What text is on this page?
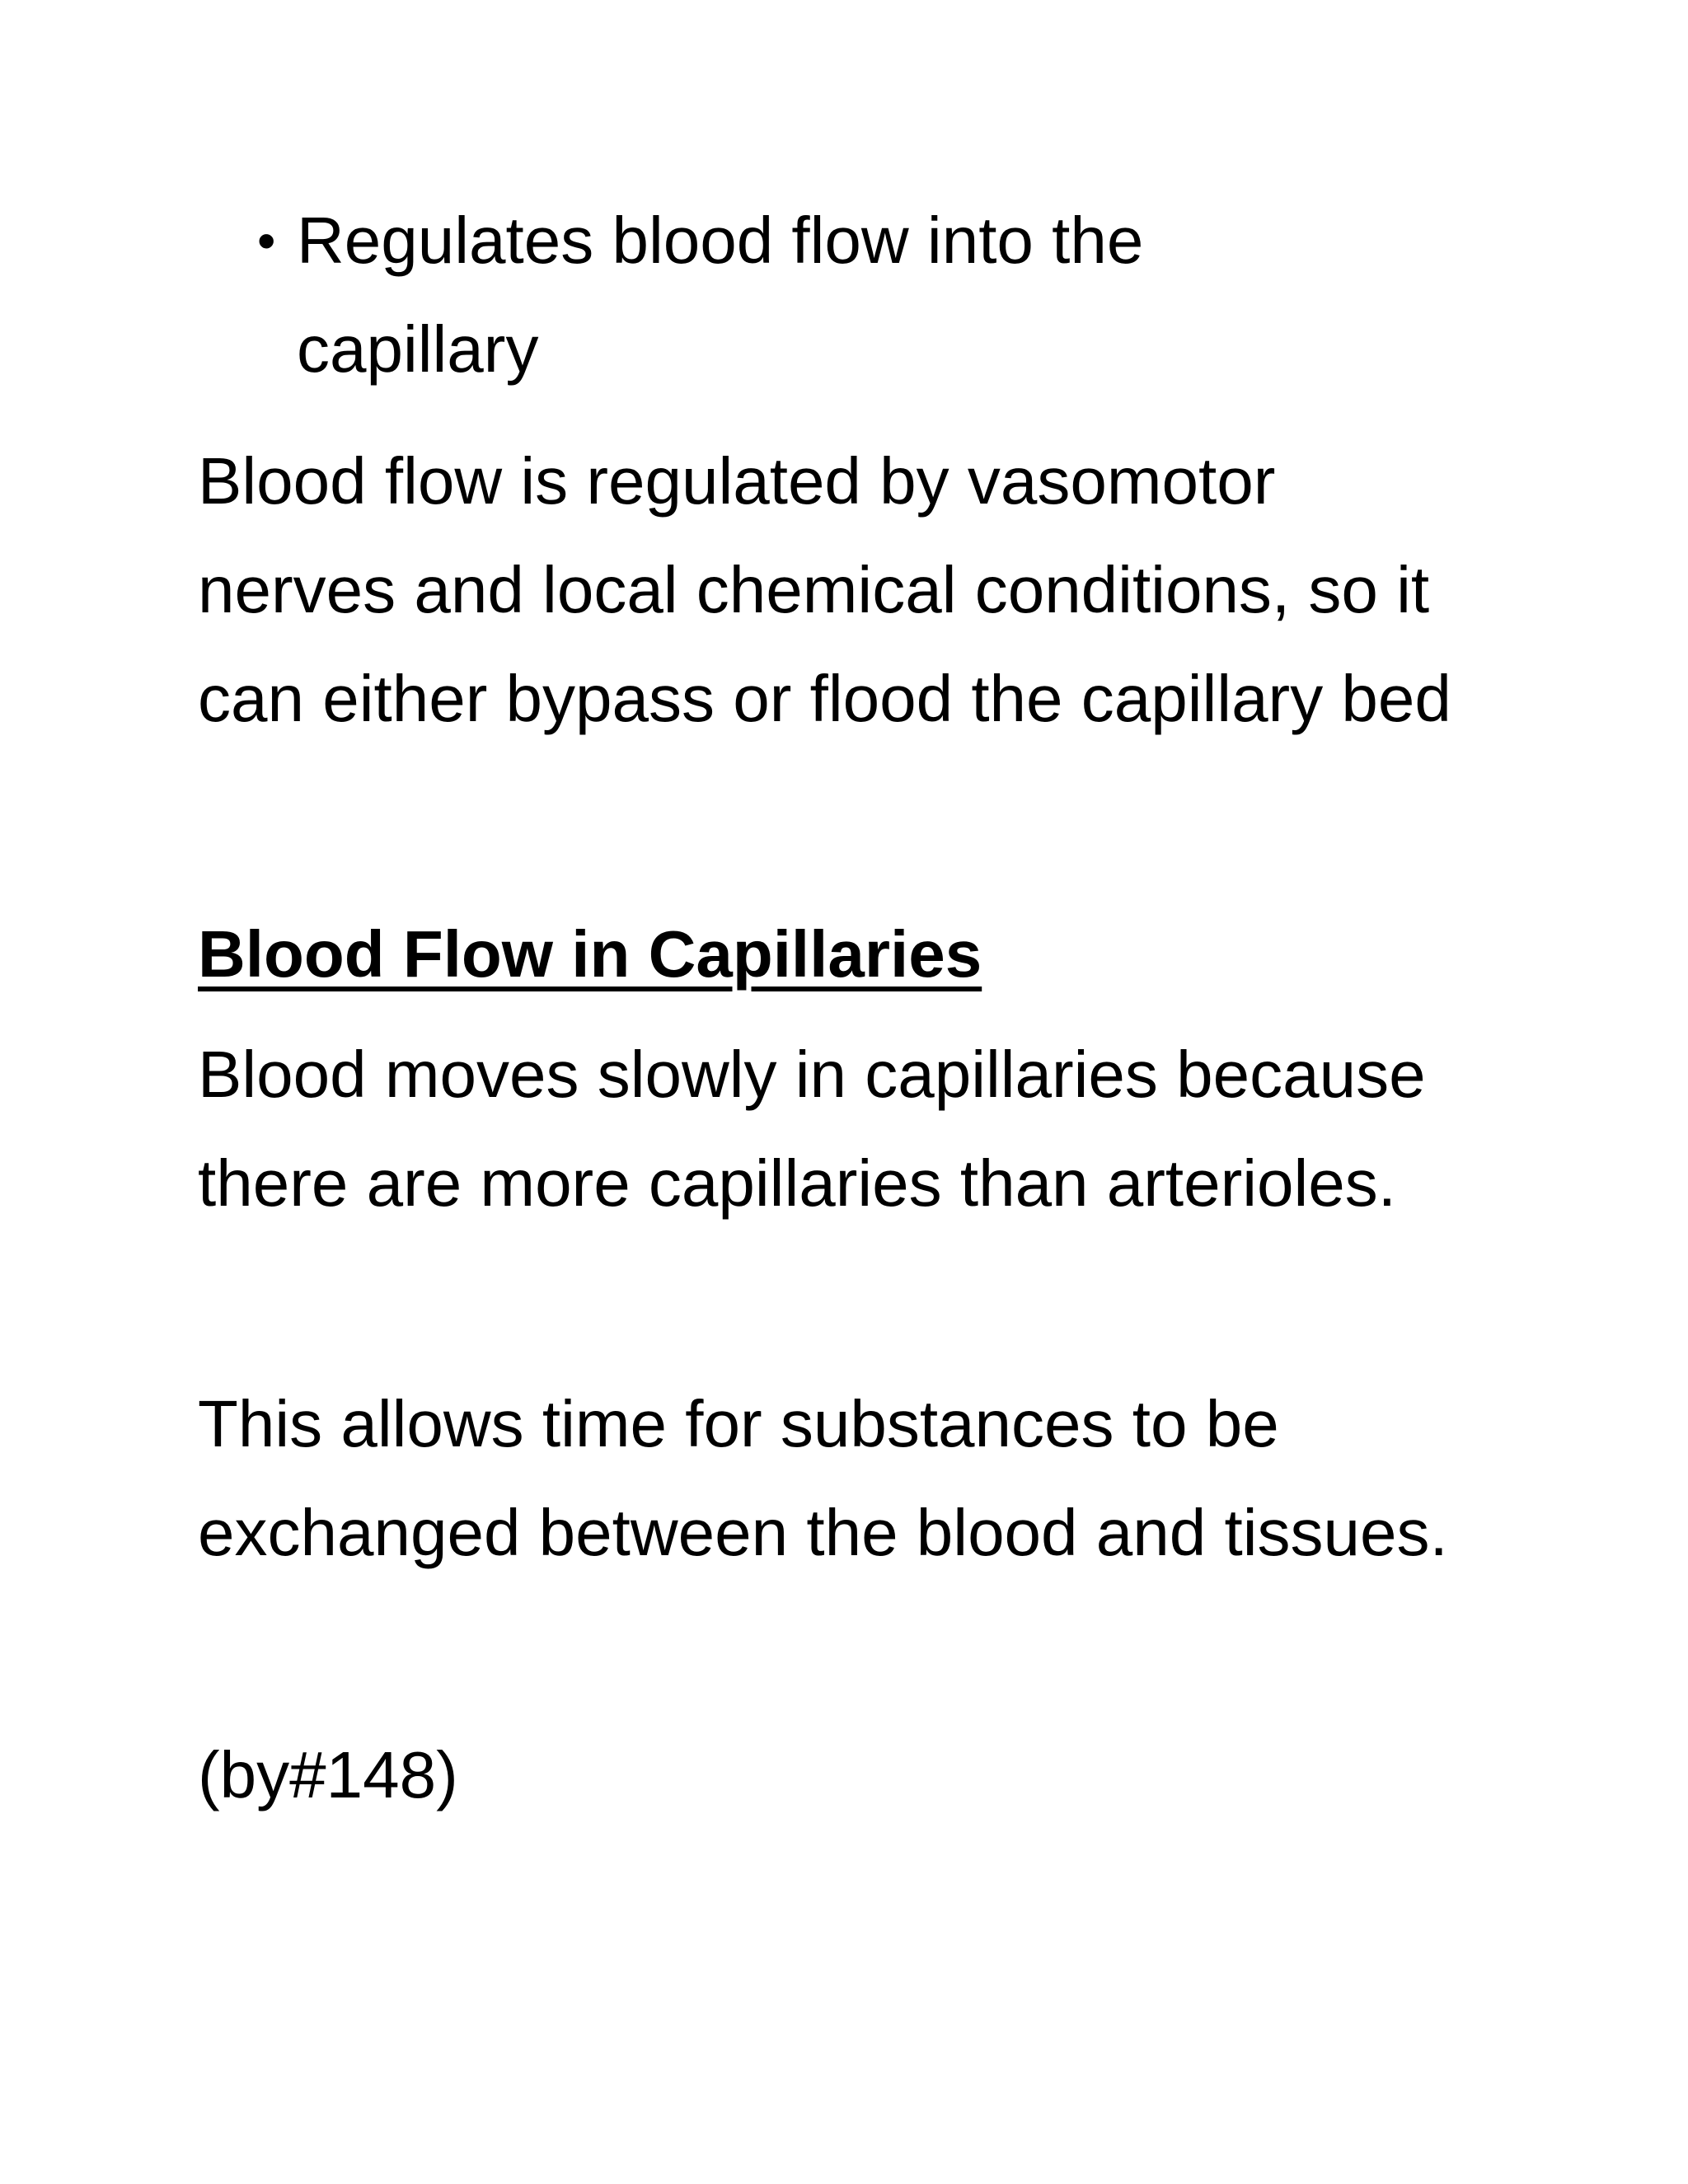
• Regulates blood flow into the capillary

Blood flow is regulated by vasomotor nerves and local chemical conditions, so it can either bypass or flood the capillary bed

Blood Flow in Capillaries

Blood moves slowly in capillaries because there are more capillaries than arterioles.

This allows time for substances to be exchanged between the blood and tissues.

(by#148)
